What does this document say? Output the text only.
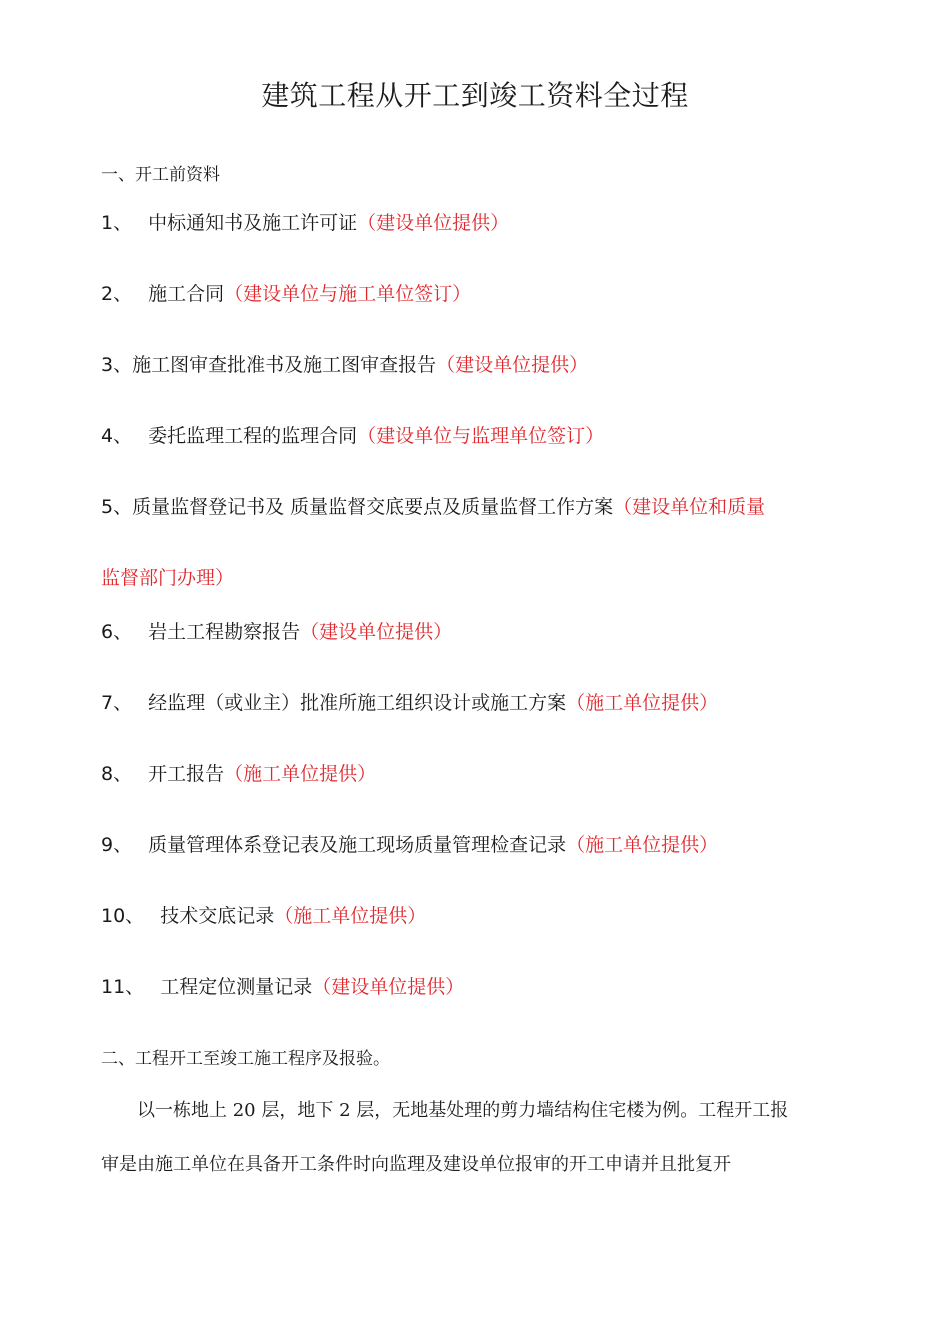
建筑工程从开工到竣工资料全过程
一、开工前资料
1、 中标通知书及施工许可证（建设单位提供）
2、 施工合同（建设单位与施工单位签订）
3、施工图审查批准书及施工图审查报告（建设单位提供）
4、 委托监理工程的监理合同（建设单位与监理单位签订）
5、质量监督登记书及 质量监督交底要点及质量监督工作方案（建设单位和质量
监督部门办理）
6、 岩土工程勘察报告（建设单位提供）
7、 经监理（或业主）批准所施工组织设计或施工方案（施工单位提供）
8、 开工报告（施工单位提供）
9、 质量管理体系登记表及施工现场质量管理检查记录（施工单位提供）
10、 技术交底记录（施工单位提供）
11、 工程定位测量记录（建设单位提供）
二、工程开工至竣工施工程序及报验。
以一栋地上 20 层，地下 2 层，无地基处理的剪力墙结构住宅楼为例。工程开工报
审是由施工单位在具备开工条件时向监理及建设单位报审的开工申请并且批复开
